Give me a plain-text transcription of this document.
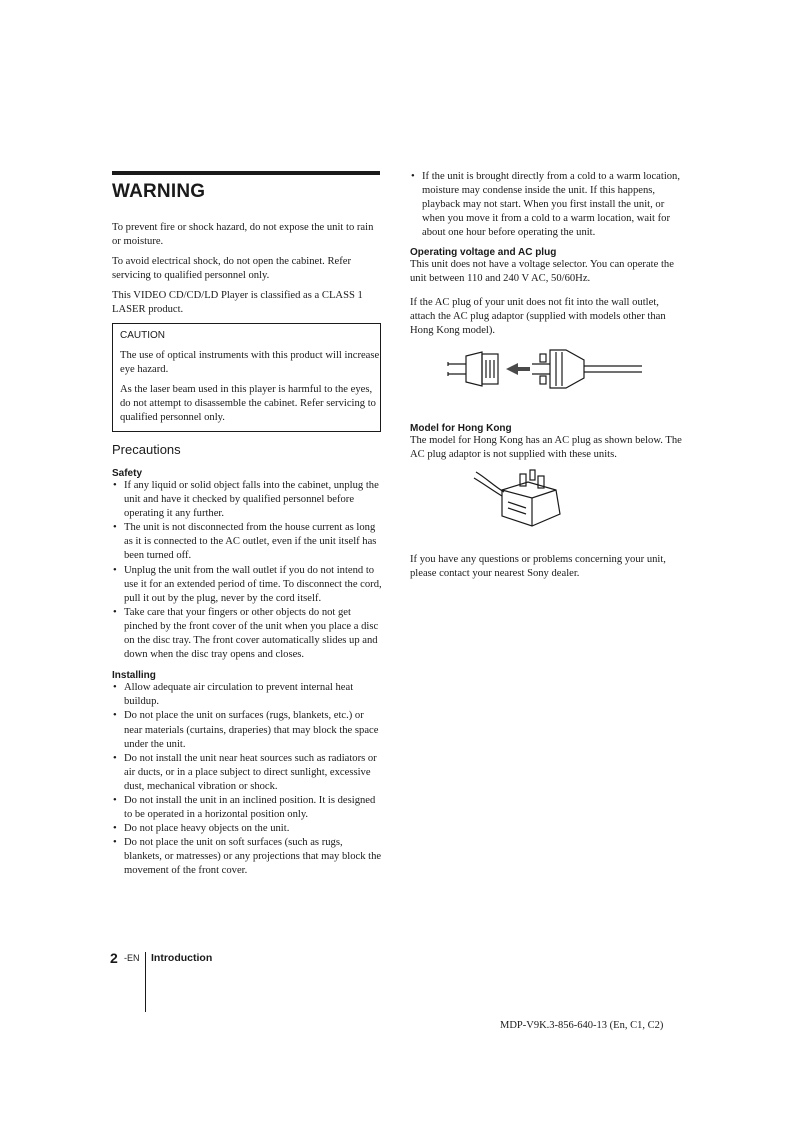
WARNING

To prevent fire or shock hazard, do not expose the unit to rain or moisture.

To avoid electrical shock, do not open the cabinet. Refer servicing to qualified personnel only.

This VIDEO CD/CD/LD Player is classified as a CLASS 1 LASER product.

CAUTION

The use of optical instruments with this product will increase eye hazard.

As the laser beam used in this player is harmful to the eyes, do not attempt to disassemble the cabinet. Refer servicing to qualified personnel only.

Precautions
Safety
• If any liquid or solid object falls into the cabinet, unplug the unit and have it checked by qualified personnel before operating it any further.
• The unit is not disconnected from the house current as long as it is connected to the AC outlet, even if the unit itself has been turned off.
• Unplug the unit from the wall outlet if you do not intend to use it for an extended period of time. To disconnect the cord, pull it out by the plug, never by the cord itself.
• Take care that your fingers or other objects do not get pinched by the front cover of the unit when you place a disc on the disc tray. The front cover automatically slides up and down when the disc tray opens and closes.
Installing
• Allow adequate air circulation to prevent internal heat buildup.
• Do not place the unit on surfaces (rugs, blankets, etc.) or near materials (curtains, draperies) that may block the space under the unit.
• Do not install the unit near heat sources such as radiators or air ducts, or in a place subject to direct sunlight, excessive dust, mechanical vibration or shock.
• Do not install the unit in an inclined position. It is designed to be operated in a horizontal position only.
• Do not place heavy objects on the unit.
• Do not place the unit on soft surfaces (such as rugs, blankets, or matresses) or any projections that may block the movement of the front cover.
• If the unit is brought directly from a cold to a warm location, moisture may condense inside the unit. If this happens, playback may not start. When you first install the unit, or when you move it from a cold to a warm location, wait for about one hour before operating the unit.
Operating voltage and AC plug

This unit does not have a voltage selector. You can operate the unit between 110 and 240 V AC, 50/60Hz.

If the AC plug of your unit does not fit into the wall outlet, attach the AC plug adaptor (supplied with models other than Hong Kong model).

Model for Hong Kong

The model for Hong Kong has an AC plug as shown below. The AC plug adaptor is not supplied with these units.

If you have any questions or problems concerning your unit, please contact your nearest Sony dealer.

2 -EN Introduction
MDP-V9K.3-856-640-13 (En, C1, C2)
